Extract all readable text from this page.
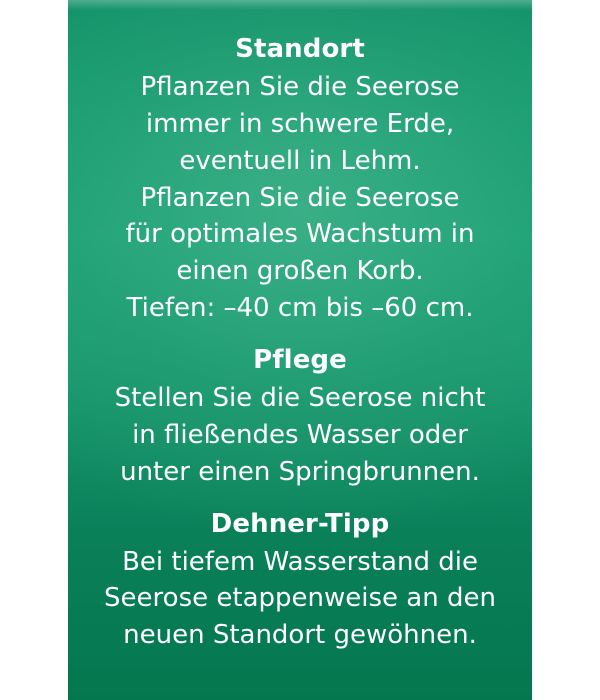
Standort
Pflanzen Sie die Seerose
immer in schwere Erde,
eventuell in Lehm.
Pflanzen Sie die Seerose
für optimales Wachstum in
einen großen Korb.
Tiefen: –40 cm bis –60 cm.
Pflege
Stellen Sie die Seerose nicht
in fließendes Wasser oder
unter einen Springbrunnen.
Dehner-Tipp
Bei tiefem Wasserstand die
Seerose etappenweise an den
neuen Standort gewöhnen.
